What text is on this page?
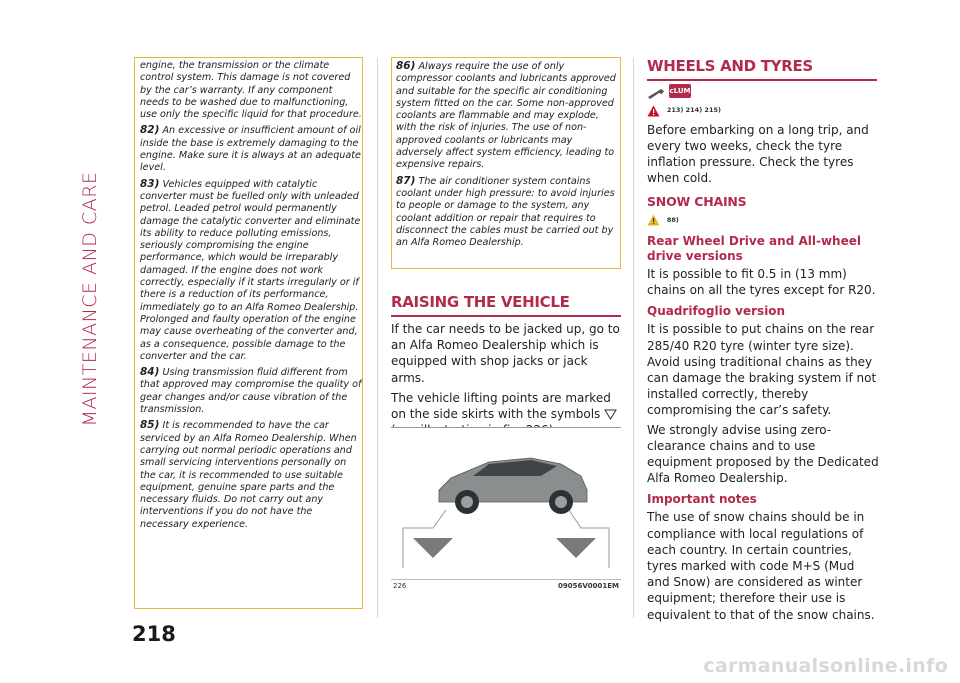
MAINTENANCE AND CARE

engine, the transmission or the climate control system. This damage is not covered by the car’s warranty. If any component needs to be washed due to malfunctioning, use only the specific liquid for that procedure.

82) An excessive or insufficient amount of oil inside the base is extremely damaging to the engine. Make sure it is always at an adequate level.

83) Vehicles equipped with catalytic converter must be fuelled only with unleaded petrol. Leaded petrol would permanently damage the catalytic converter and eliminate its ability to reduce polluting emissions, seriously compromising the engine performance, which would be irreparably damaged. If the engine does not work correctly, especially if it starts irregularly or if there is a reduction of its performance, immediately go to an Alfa Romeo Dealership. Prolonged and faulty operation of the engine may cause overheating of the converter and, as a consequence, possible damage to the converter and the car.

84) Using transmission fluid different from that approved may compromise the quality of gear changes and/or cause vibration of the transmission.

85) It is recommended to have the car serviced by an Alfa Romeo Dealership. When carrying out normal periodic operations and small servicing interventions personally on the car, it is recommended to use suitable equipment, genuine spare parts and the necessary fluids. Do not carry out any interventions if you do not have the necessary experience.

86) Always require the use of only compressor coolants and lubricants approved and suitable for the specific air conditioning system fitted on the car. Some non-approved coolants are flammable and may explode, with the risk of injuries. The use of non-approved coolants or lubricants may adversely affect system efficiency, leading to expensive repairs.

87) The air conditioner system contains coolant under high pressure: to avoid injuries to people or damage to the system, any coolant addition or repair that requires to disconnect the cables must be carried out by an Alfa Romeo Dealership.

RAISING THE VEHICLE

If the car needs to be jacked up, go to an Alfa Romeo Dealership which is equipped with shop jacks or jack arms.

The vehicle lifting points are marked on the side skirts with the symbols

226	09056V0001EM
WHEELS AND TYRES
cLUM
213) 214) 215)

Before embarking on a long trip, and every two weeks, check the tyre inflation pressure. Check the tyres when cold.

SNOW CHAINS
88)
Rear Wheel Drive and All-wheel drive versions

It is possible to fit 0.5 in (13 mm) chains on all the tyres except for R20.

Quadrifoglio version

It is possible to put chains on the rear 285/40 R20 tyre (winter tyre size). Avoid using traditional chains as they can damage the braking system if not installed correctly, thereby compromising the car’s safety.

We strongly advise using zero-clearance chains and to use equipment proposed by the Dedicated Alfa Romeo Dealership.

Important notes

The use of snow chains should be in compliance with local regulations of each country. In certain countries, tyres marked with code M+S (Mud and Snow) are considered as winter equipment; therefore their use is equivalent to that of the snow chains.

218
carmanualsonline.info
